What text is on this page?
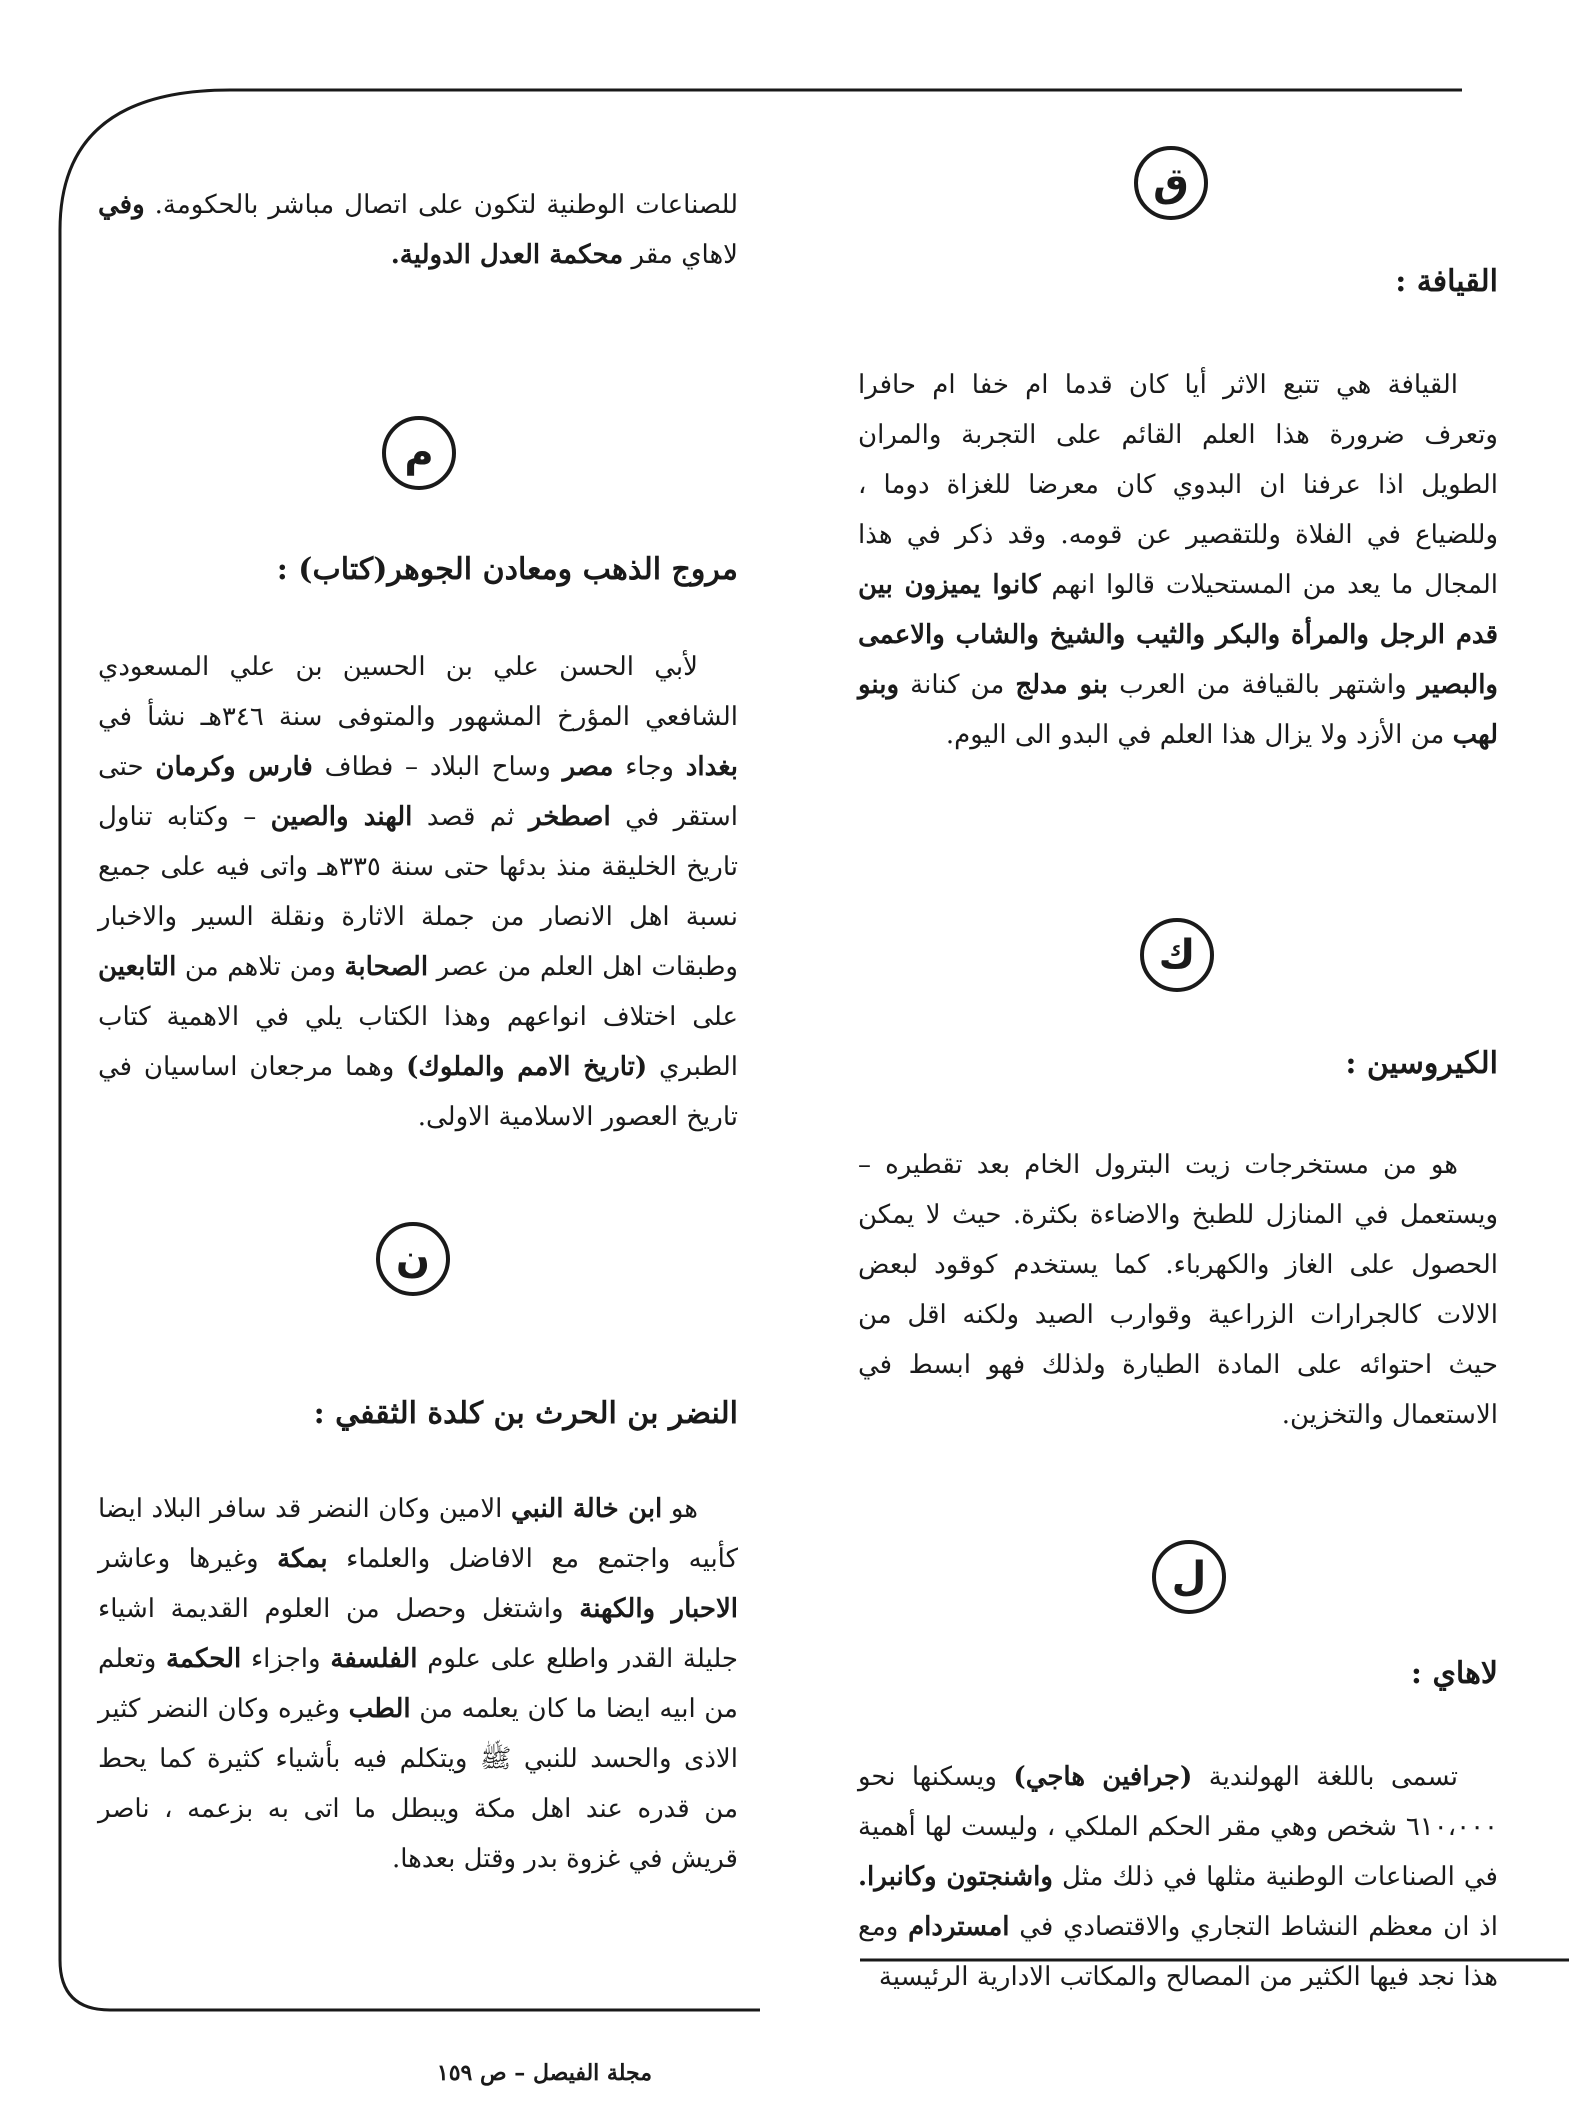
ق
القيافة :

القيافة هي تتبع الاثر أيا كان قدما ام خفا ام حافرا وتعرف ضرورة هذا العلم القائم على التجربة والمران الطويل اذا عرفنا ان البدوي كان معرضا للغزاة دوما ، وللضياع في الفلاة وللتقصير عن قومه. وقد ذكر في هذا المجال ما يعد من المستحيلات قالوا انهم كانوا يميزون بين قدم الرجل والمرأة والبكر والثيب والشيخ والشاب والاعمى والبصير واشتهر بالقيافة من العرب بنو مدلج من كنانة وبنو لهب من الأزد ولا يزال هذا العلم في البدو الى اليوم.

ك
الكيروسين :

هو من مستخرجات زيت البترول الخام بعد تقطيره – ويستعمل في المنازل للطبخ والاضاءة بكثرة. حيث لا يمكن الحصول على الغاز والكهرباء. كما يستخدم كوقود لبعض الالات كالجرارات الزراعية وقوارب الصيد ولكنه اقل من حيث احتوائه على المادة الطيارة ولذلك فهو ابسط في الاستعمال والتخزين.

ل
لاهاي :

تسمى باللغة الهولندية (جرافين هاجي) ويسكنها نحو ٦١٠،٠٠٠ شخص وهي مقر الحكم الملكي ، وليست لها أهمية في الصناعات الوطنية مثلها في ذلك مثل واشنجتون وكانبرا. اذ ان معظم النشاط التجاري والاقتصادي في امستردام ومع هذا نجد فيها الكثير من المصالح والمكاتب الادارية الرئيسية

للصناعات الوطنية لتكون على اتصال مباشر بالحكومة. وفي لاهاي مقر محكمة العدل الدولية.

م
مروج الذهب ومعادن الجوهر(كتاب) :

لأبي الحسن علي بن الحسين بن علي المسعودي الشافعي المؤرخ المشهور والمتوفى سنة ٣٤٦هـ نشأ في بغداد وجاء مصر وساح البلاد – فطاف فارس وكرمان حتى استقر في اصطخر ثم قصد الهند والصين – وكتابه تناول تاريخ الخليقة منذ بدئها حتى سنة ٣٣٥هـ واتى فيه على جميع نسبة اهل الانصار من جملة الاثارة ونقلة السير والاخبار وطبقات اهل العلم من عصر الصحابة ومن تلاهم من التابعين على اختلاف انواعهم وهذا الكتاب يلي في الاهمية كتاب الطبري (تاريخ الامم والملوك) وهما مرجعان اساسيان في تاريخ العصور الاسلامية الاولى.

ن
النضر بن الحرث بن كلدة الثقفي :

هو ابن خالة النبي الامين وكان النضر قد سافر البلاد ايضا كأبيه واجتمع مع الافاضل والعلماء بمكة وغيرها وعاشر الاحبار والكهنة واشتغل وحصل من العلوم القديمة اشياء جليلة القدر واطلع على علوم الفلسفة واجزاء الحكمة وتعلم من ابيه ايضا ما كان يعلمه من الطب وغيره وكان النضر كثير الاذى والحسد للنبي ﷺ ويتكلم فيه بأشياء كثيرة كما يحط من قدره عند اهل مكة ويبطل ما اتى به بزعمه ، ناصر قريش في غزوة بدر وقتل بعدها.

مجلة الفيصل – ص ١٥٩
